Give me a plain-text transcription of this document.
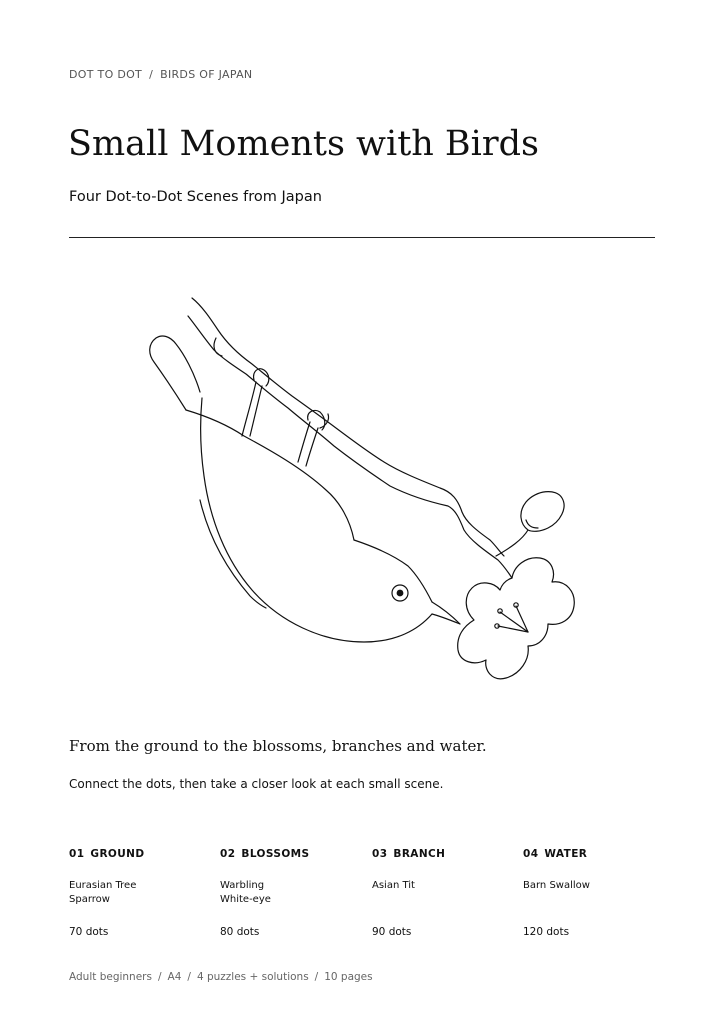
DOT TO DOT / BIRDS OF JAPAN
Small Moments with Birds
Four Dot-to-Dot Scenes from Japan
From the ground to the blossoms, branches and water.
Connect the dots, then take a closer look at each small scene.
01 GROUND
Eurasian Tree Sparrow
70 dots
02 BLOSSOMS
Warbling White-eye
80 dots
03 BRANCH
Asian Tit
90 dots
04 WATER
Barn Swallow
120 dots
Adult beginners / A4 / 4 puzzles + solutions / 10 pages
